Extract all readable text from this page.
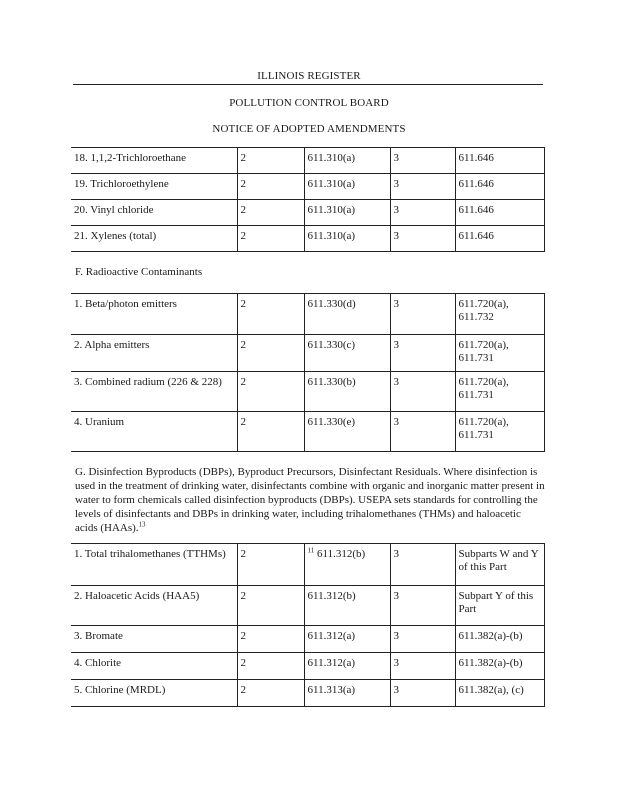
ILLINOIS REGISTER
POLLUTION CONTROL BOARD
NOTICE OF ADOPTED AMENDMENTS
18. 1,1,2-Trichloroethane	2	611.310(a)	3	611.646
19. Trichloroethylene	2	611.310(a)	3	611.646
20. Vinyl chloride	2	611.310(a)	3	611.646
21. Xylenes (total)	2	611.310(a)	3	611.646
F. Radioactive Contaminants
1. Beta/photon emitters	2	611.330(d)	3	611.720(a), 611.732
2. Alpha emitters	2	611.330(c)	3	611.720(a), 611.731
3. Combined radium (226 & 228)	2	611.330(b)	3	611.720(a), 611.731
4. Uranium	2	611.330(e)	3	611.720(a), 611.731
G. Disinfection Byproducts (DBPs), Byproduct Precursors, Disinfectant Residuals. Where disinfection is used in the treatment of drinking water, disinfectants combine with organic and inorganic matter present in water to form chemicals called disinfection byproducts (DBPs). USEPA sets standards for controlling the levels of disinfectants and DBPs in drinking water, including trihalomethanes (THMs) and haloacetic acids (HAAs).$^{13}$
1. Total trihalomethanes (TTHMs)	2	$^{11}$ 611.312(b)	3	Subparts W and Y of this Part
2. Haloacetic Acids (HAA5)	2	611.312(b)	3	Subpart Y of this Part
3. Bromate	2	611.312(a)	3	611.382(a)-(b)
4. Chlorite	2	611.312(a)	3	611.382(a)-(b)
5. Chlorine (MRDL)	2	611.313(a)	3	611.382(a), (c)
